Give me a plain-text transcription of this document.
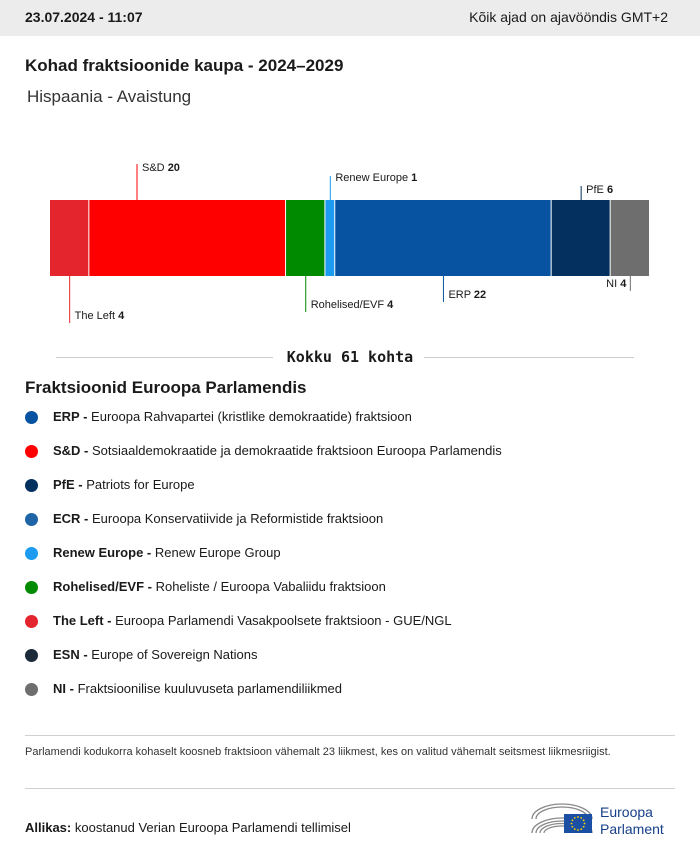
23.07.2024 - 11:07	Kõik ajad on ajavööndis GMT+2
Kohad fraktsioonide kaupa - 2024–2029
Hispaania - Avaistung
The Left 4
S&D 20
Rohelised/EVF 4
Renew Europe 1
ERP 22
PfE 6
NI 4
Kokku 61 kohta
Fraktsioonid Euroopa Parlamendis
ERP - Euroopa Rahvapartei (kristlike demokraatide) fraktsioon
S&D - Sotsiaaldemokraatide ja demokraatide fraktsioon Euroopa Parlamendis
PfE - Patriots for Europe
ECR - Euroopa Konservatiivide ja Reformistide fraktsioon
Renew Europe - Renew Europe Group
Rohelised/EVF - Roheliste / Euroopa Vabaliidu fraktsioon
The Left - Euroopa Parlamendi Vasakpoolsete fraktsioon - GUE/NGL
ESN - Europe of Sovereign Nations
NI - Fraktsioonilise kuuluvuseta parlamendiliikmed
Parlamendi kodukorra kohaselt koosneb fraktsioon vähemalt 23 liikmest, kes on valitud vähemalt seitsmest liikmesriigist.
Allikas: koostanud Verian Euroopa Parlamendi tellimisel
Euroopa
Parlament
